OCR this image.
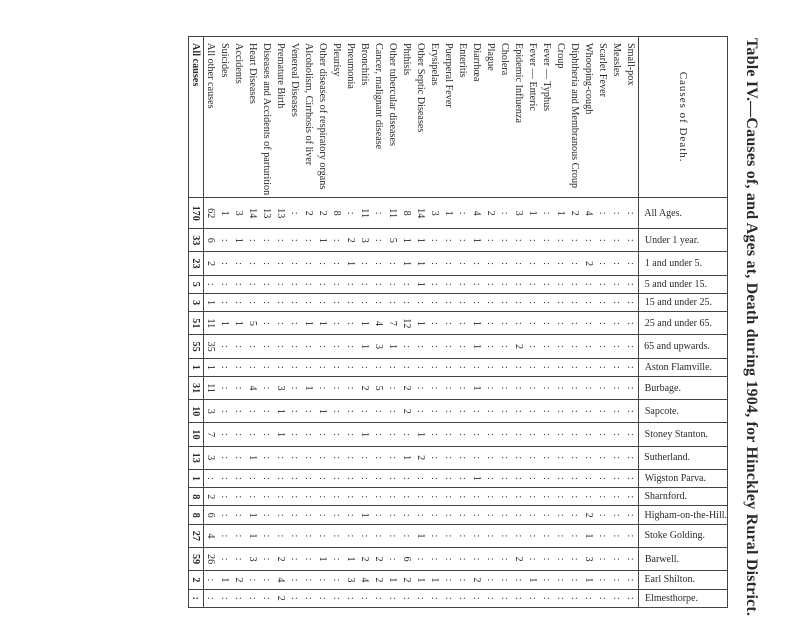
Table IV.—Causes of, and Ages at, Death during 1904, for Hinckley Rural District.
Causes of Death.	All Ages.	Under 1 year.	1 and under 5.	5 and under 15.	15 and under 25.	25 and under 65.	65 and upwards.	Aston Flamville.	Burbage.	Sapcote.	Stoney Stanton.	Sutherland.	Wigston Parva.	Sharnford.	Higham-on-the-Hill.	Stoke Golding.	Barwell.	Earl Shilton.	Elmesthorpe.

Small-pox	:	:	:	:	:	:	:	:	:	:	:	:	:	:	:	:	:	:	:
Measles	:	:	:	:	:	:	:	:	:	:	:	:	:	:	:	:	:	:	:
Scarlet Fever	:	:	:	:	:	:	:	:	:	:	:	:	:	:	:	:	:	:	:
Whooping-cough	4	:	2	:	:	:	:	:	:	:	:	:	:	:	2	1	3	1	:
Diphtheria and Membranous Croup	2	:	:	:	:	:	:	:	:	:	:	:	:	:	:	:	:	:	:
Croup	1	:	:	:	:	:	:	:	:	:	:	:	:	:	:	:	:	:	:
Fever — Typhus	:	:	:	:	:	:	:	:	:	:	:	:	:	:	:	:	:	:	:
Fever — Enteric	1	:	:	:	:	:	:	:	:	:	:	:	:	:	:	:	:	1	:
Epidemic Influenza	3	:	:	:	:	:	2	:	:	:	:	:	:	:	:	:	2	:	:
Cholera	:	:	:	:	:	:	:	:	:	:	:	:	:	:	:	:	:	:	:
Plague	2	:	:	:	:	:	:	:	:	:	:	:	:	:	:	:	:	:	:
Diarrhœa	4	1	:	:	:	1	1	:	1	:	:	:	1	:	:	:	:	2	:
Enteritis	:	:	:	:	:	:	:	:	:	:	:	:	:	:	:	:	:	:	:
Puerperal Fever	1	:	:	:	:	:	:	:	:	:	:	:	:	:	:	:	:	:	:
Erysipelas	3	:	:	:	:	:	:	:	:	:	:	:	:	:	:	:	:	1	:
Other Septic Diseases	14	1	1	1	:	1	:	:	:	:	1	2	:	:	:	1	:	1	:
Phthisis	8	1	1	:	:	12	:	:	2	2	:	1	:	:	:	:	6	2	:
Other tubercular diseases	11	5	:	:	:	7	1	:	:	:	:	:	:	:	:	:	:	1	:
Cancer, malignant disease	:	:	:	:	:	4	3	:	5	:	:	:	:	:	:	:	2	2	:
Bronchitis	11	3	:	:	:	1	1	:	2	:	1	:	:	:	1	:	2	4	:
Pneumonia	:	2	1	:	:	:	:	:	:	:	:	:	:	:	:	:	1	3	:
Pleurisy	8	:	:	:	:	:	:	:	:	:	:	:	:	:	:	:	:	:	:
Other diseases of respiratory organs	2	1	:	:	:	1	:	:	:	1	:	:	:	:	:	:	1	:	:
Alcoholism, Cirrhosis of liver	2	:	:	:	:	1	:	:	1	:	:	:	:	:	:	:	:	:	:
Venereal Diseases	:	:	:	:	:	:	:	:	:	:	:	:	:	:	:	:	:	:	:
Premature Birth	13	:	:	:	:	:	:	:	3	1	1	:	:	:	:	:	2	4	2
Diseases and Accidents of parturition	13	:	:	:	:	:	:	:	:	:	:	:	:	:	:	:	:	:	:
Heart Diseases	14	:	:	:	:	5	:	:	4	:	:	1	:	:	1	1	3	:	:
Accidents	3	1	:	:	:	1	:	:	:	:	:	:	:	:	:	:	:	2	:
Suicides	1	:	:	:	:	1	:	:	:	:	:	:	:	:	:	:	:	1	:
All other causes	62	6	2	:	1	11	35	1	11	3	7	3	:	2	6	4	26	:	:
All causes	170	33	23	5	3	51	55	1	31	10	10	13	1	8	8	27	59	2	:
